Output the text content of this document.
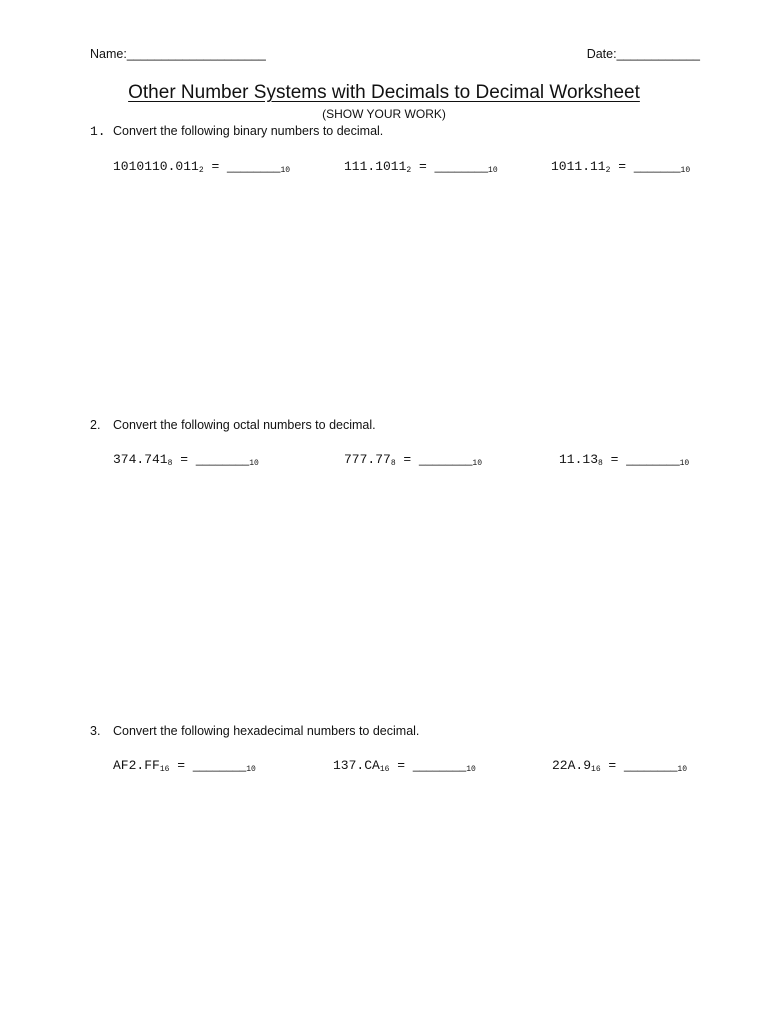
Name:____________________	Date:____________
Other Number Systems with Decimals to Decimal Worksheet
(SHOW YOUR WORK)
1. Convert the following binary numbers to decimal.
$1010110.011_2$ = ________10	$111.1011_2$ = ________10	$1011.11_2$ = _______10
2. Convert the following octal numbers to decimal.
$374.741_8$ = ________10	$777.77_8$ = ________10	$11.13_8$ = ________10
3. Convert the following hexadecimal numbers to decimal.
$AF2.FF_{16}$ = ________10	$137.CA_{16}$ = ________10	$22A.9_{16}$ = ________10
